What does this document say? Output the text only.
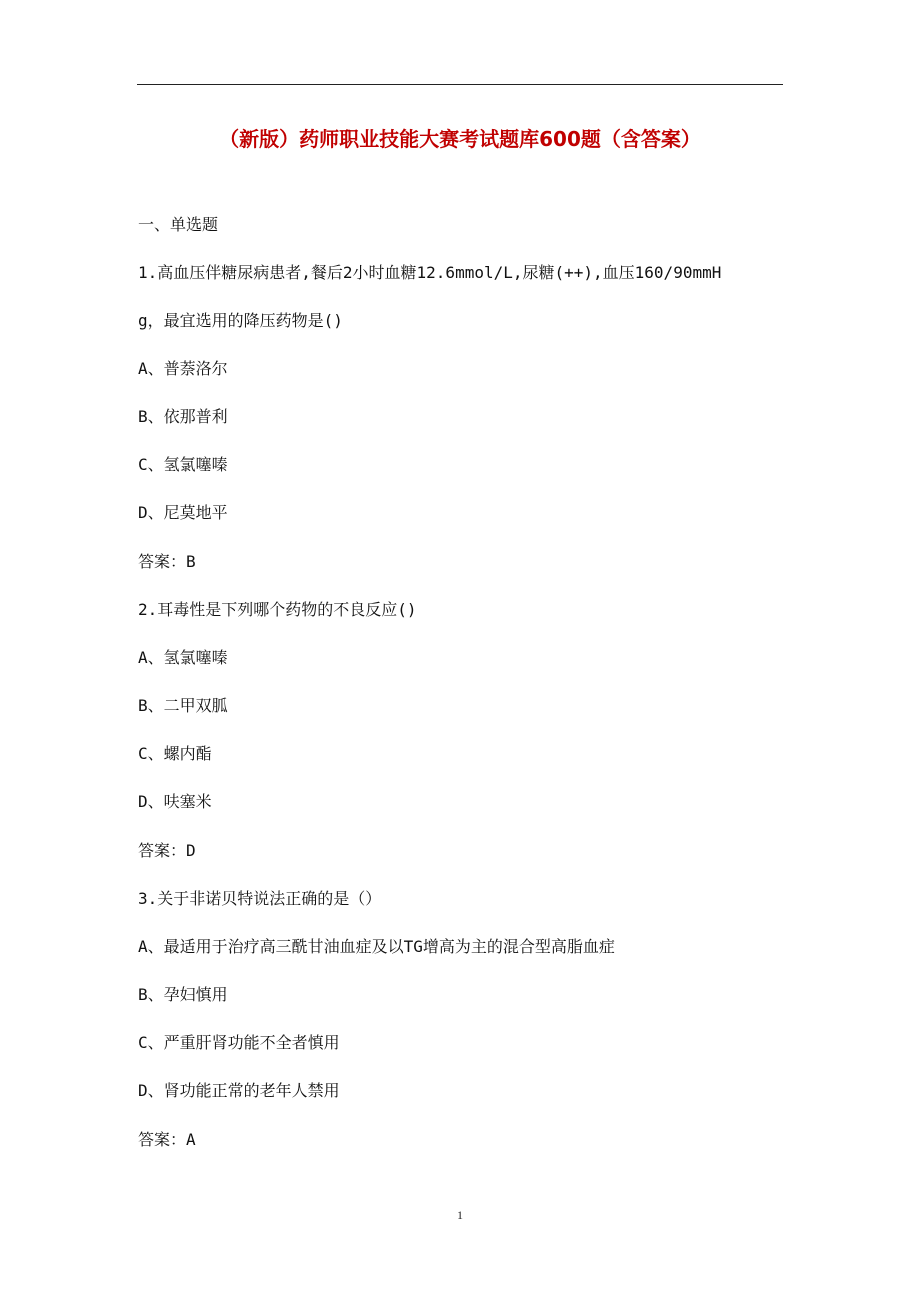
（新版）药师职业技能大赛考试题库600题（含答案）
一、单选题
1.高血压伴糖尿病患者,餐后2小时血糖12.6mmol/L,尿糖(++),血压160/90mmH
g，最宜选用的降压药物是()
A、普萘洛尔
B、依那普利
C、氢氯噻嗪
D、尼莫地平
答案：B
2.耳毒性是下列哪个药物的不良反应()
A、氢氯噻嗪
B、二甲双胍
C、螺内酯
D、呋塞米
答案：D
3.关于非诺贝特说法正确的是（）
A、最适用于治疗高三酰甘油血症及以TG增高为主的混合型高脂血症
B、孕妇慎用
C、严重肝肾功能不全者慎用
D、肾功能正常的老年人禁用
答案：A
1
